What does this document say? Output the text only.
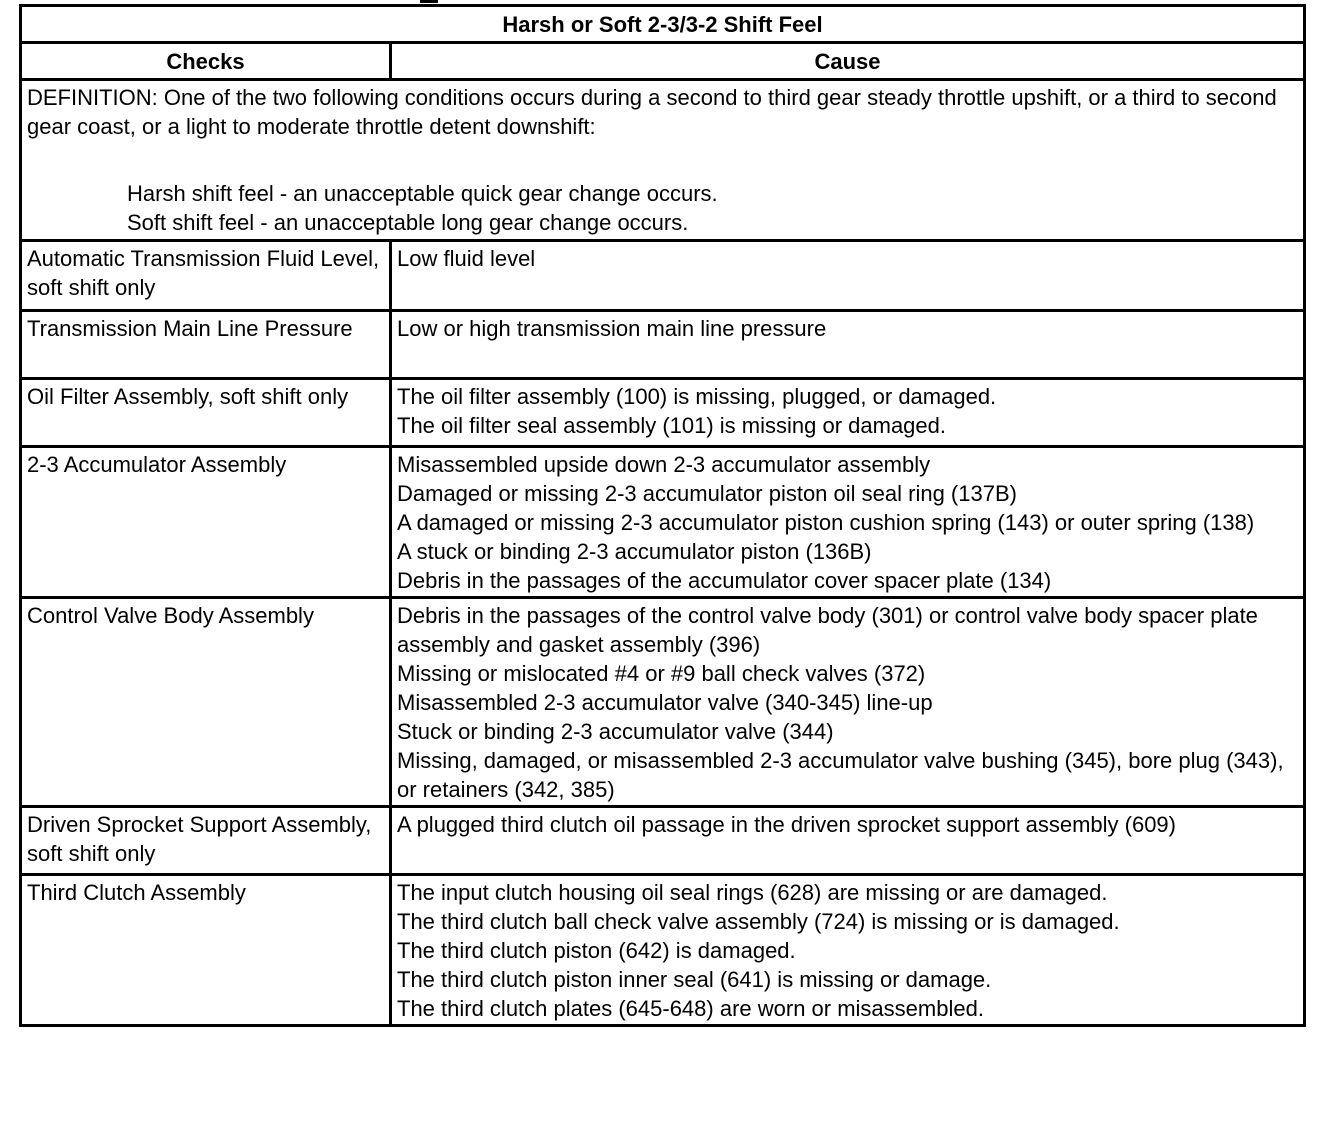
Harsh or Soft 2-3/3-2 Shift Feel	
Checks	Cause

DEFINITION: One of the two following conditions occurs during a second to third gear steady throttle upshift, or a third to second gear coast, or a light to moderate throttle detent downshift:
Harsh shift feel - an unacceptable quick gear change occurs.
Soft shift feel - an unacceptable long gear change occurs.	

Automatic Transmission Fluid Level, soft shift only	Low fluid level

Transmission Main Line Pressure	Low or high transmission main line pressure

Oil Filter Assembly, soft shift only	The oil filter assembly (100) is missing, plugged, or damaged.
The oil filter seal assembly (101) is missing or damaged.

2-3 Accumulator Assembly	Misassembled upside down 2-3 accumulator assembly
Damaged or missing 2-3 accumulator piston oil seal ring (137B)
A damaged or missing 2-3 accumulator piston cushion spring (143) or outer spring (138)
A stuck or binding 2-3 accumulator piston (136B)
Debris in the passages of the accumulator cover spacer plate (134)

Control Valve Body Assembly	Debris in the passages of the control valve body (301) or control valve body spacer plate assembly and gasket assembly (396)
Missing or mislocated #4 or #9 ball check valves (372)
Misassembled 2-3 accumulator valve (340-345) line-up
Stuck or binding 2-3 accumulator valve (344)
Missing, damaged, or misassembled 2-3 accumulator valve bushing (345), bore plug (343), or retainers (342, 385)

Driven Sprocket Support Assembly, soft shift only	A plugged third clutch oil passage in the driven sprocket support assembly (609)

Third Clutch Assembly	The input clutch housing oil seal rings (628) are missing or are damaged.
The third clutch ball check valve assembly (724) is missing or is damaged.
The third clutch piston (642) is damaged.
The third clutch piston inner seal (641) is missing or damage.
The third clutch plates (645-648) are worn or misassembled.
